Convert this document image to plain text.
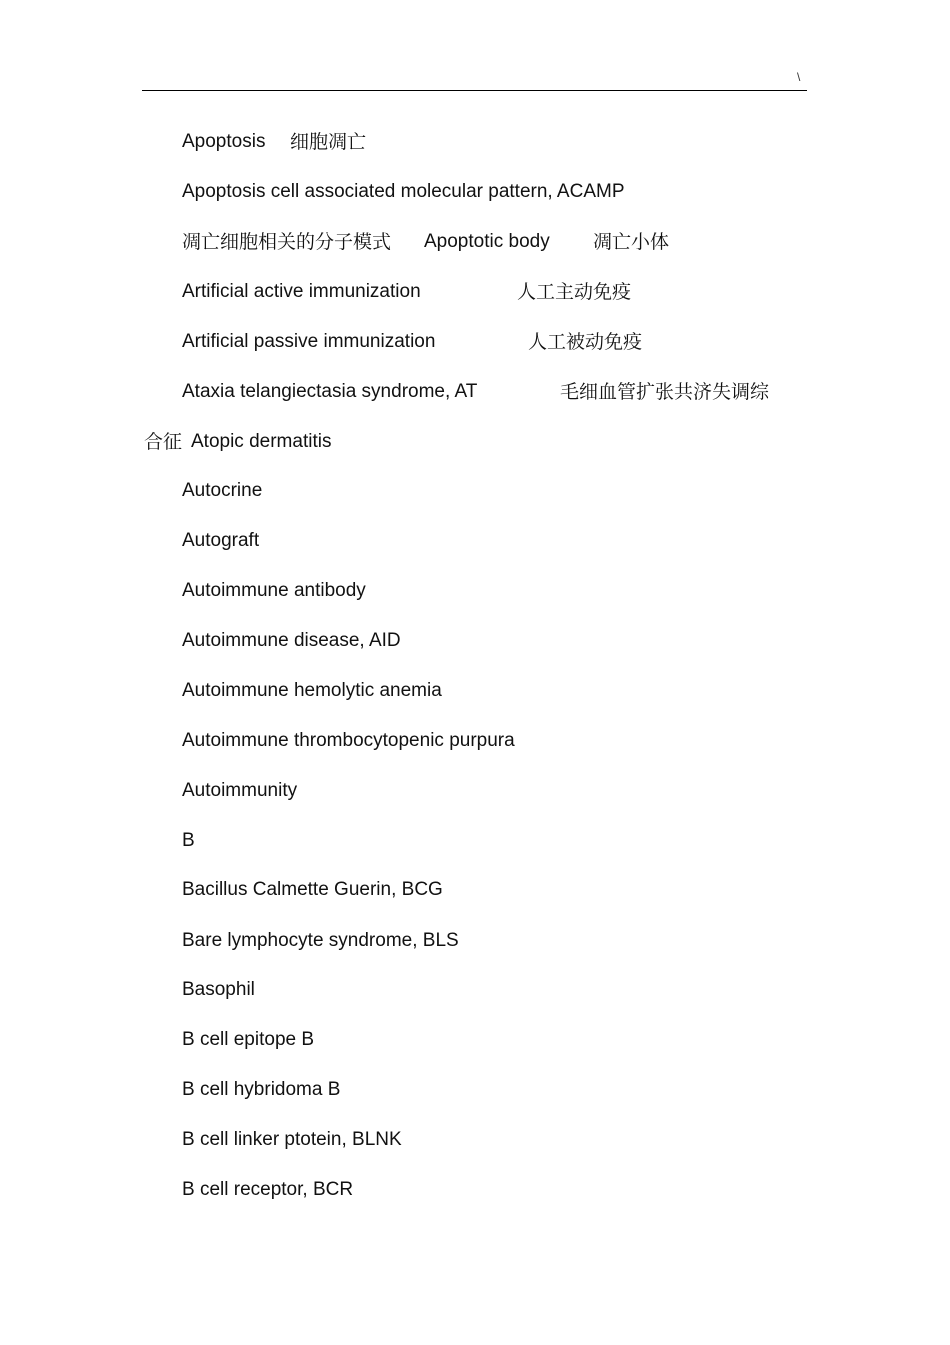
\
Apoptosis 细胞凋亡
Apoptosis cell associated molecular pattern, ACAMP
凋亡细胞相关的分子模式 Apoptotic body 凋亡小体
Artificial active immunization	人工主动免疫
Artificial passive immunization	人工被动免疫
Ataxia telangiectasia syndrome, AT	毛细血管扩张共济失调综
合征 Atopic dermatitis
Autocrine
Autograft
Autoimmune antibody
Autoimmune disease, AID
Autoimmune hemolytic anemia
Autoimmune thrombocytopenic purpura
Autoimmunity
B
Bacillus Calmette Guerin, BCG
Bare lymphocyte syndrome, BLS
Basophil
B cell epitope B
B cell hybridoma B
B cell linker ptotein, BLNK
B cell receptor, BCR
